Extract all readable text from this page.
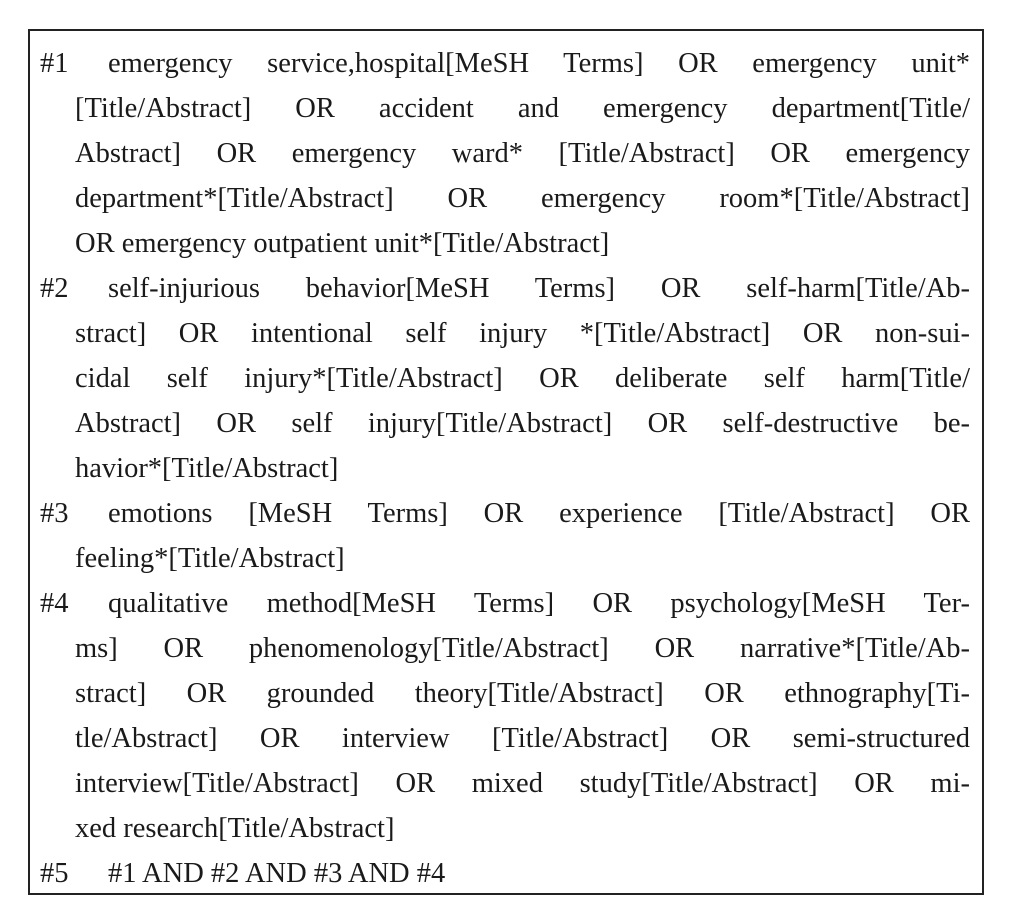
#1 emergency service,hospital[MeSH Terms] OR emergency unit*
[Title/Abstract] OR accident and emergency department[Title/
Abstract] OR emergency ward* [Title/Abstract] OR emergency
department*[Title/Abstract] OR emergency room*[Title/Abstract]
OR emergency outpatient unit*[Title/Abstract]
#2 self-injurious behavior[MeSH Terms] OR self-harm[Title/Ab-
stract] OR intentional self injury *[Title/Abstract] OR non-sui-
cidal self injury*[Title/Abstract] OR deliberate self harm[Title/
Abstract] OR self injury[Title/Abstract] OR self-destructive be-
havior*[Title/Abstract]
#3 emotions [MeSH Terms] OR experience [Title/Abstract] OR
feeling*[Title/Abstract]
#4 qualitative method[MeSH Terms] OR psychology[MeSH Ter-
ms] OR phenomenology[Title/Abstract] OR narrative*[Title/Ab-
stract] OR grounded theory[Title/Abstract] OR ethnography[Ti-
tle/Abstract] OR interview [Title/Abstract] OR semi-structured
interview[Title/Abstract] OR mixed study[Title/Abstract] OR mi-
xed research[Title/Abstract]
#5 #1 AND #2 AND #3 AND #4
